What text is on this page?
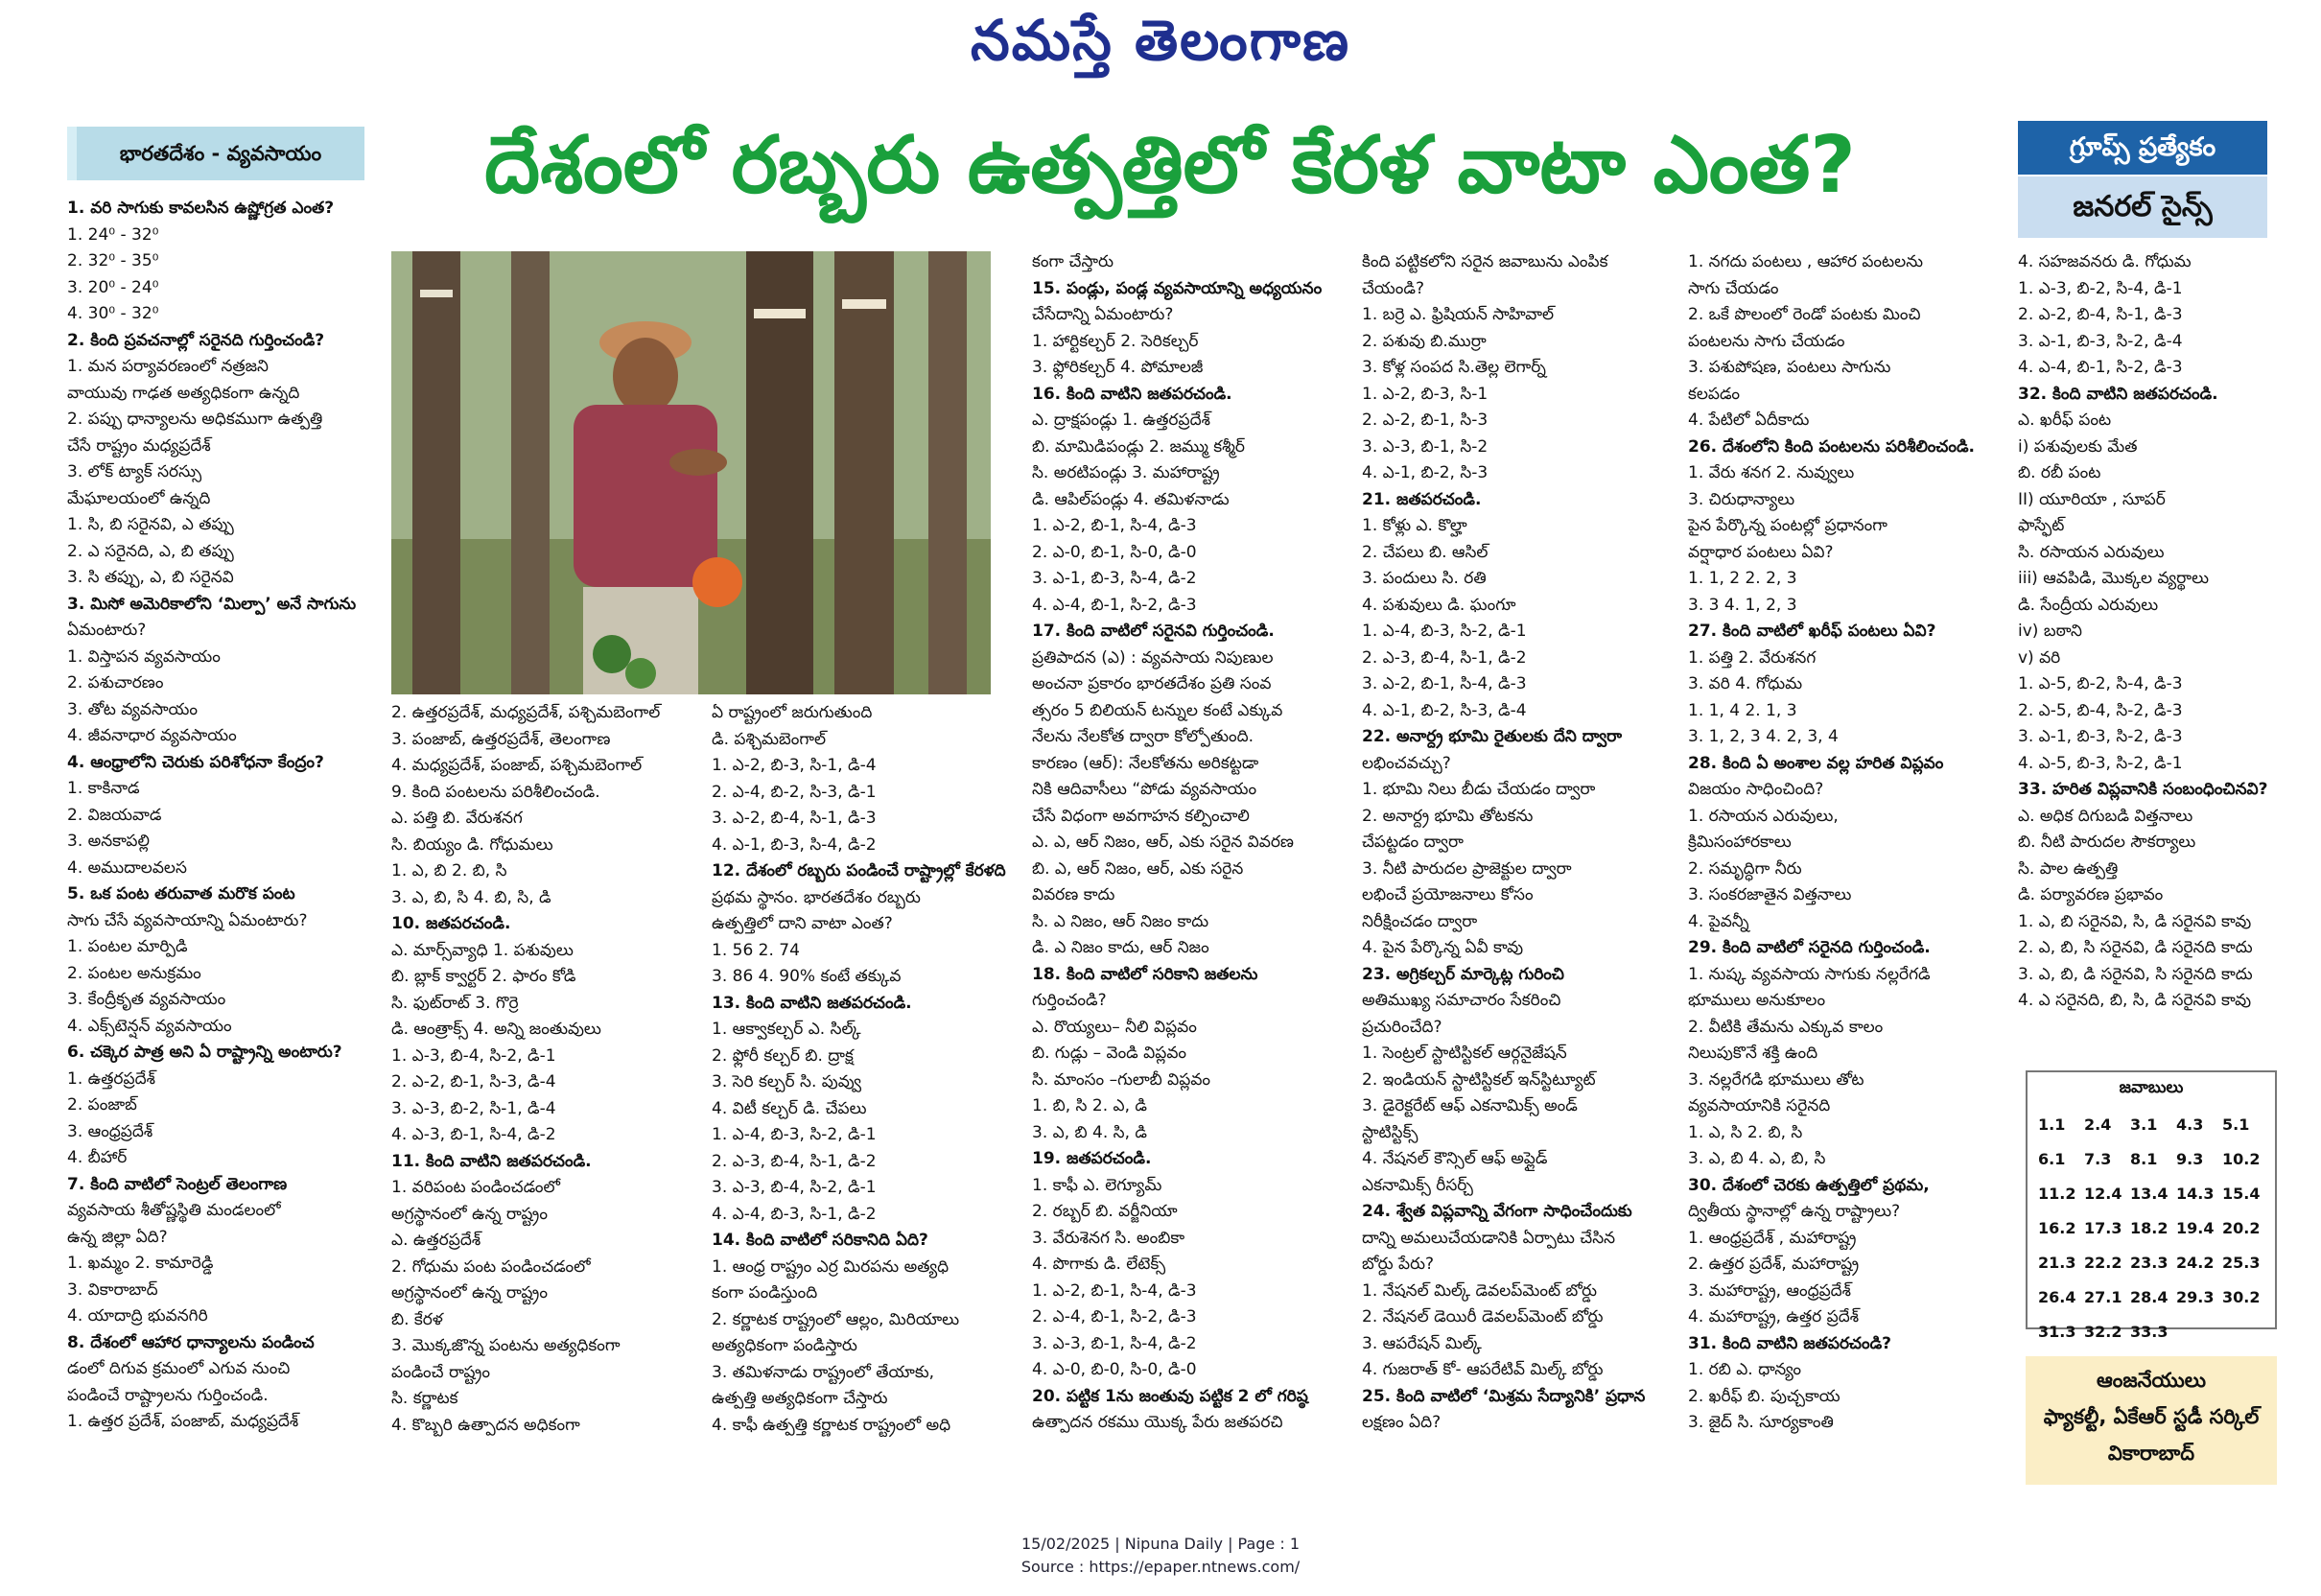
నమస్తే తెలంగాణ
భారతదేశం - వ్యవసాయం	దేశంలో రబ్బరు ఉత్పత్తిలో కేరళ వాటా ఎంత?	గ్రూప్స్ ప్రత్యేకం
జనరల్ సైన్స్

1. వరి సాగుకు కావలసిన ఉష్ణోగ్రత ఎంత?

1. 24⁰ - 32⁰

2. 32⁰ - 35⁰

3. 20⁰ - 24⁰

4. 30⁰ - 32⁰

2. కింది ప్రవచనాల్లో సరైనది గుర్తించండి?

1. మన పర్యావరణంలో నత్రజని

వాయువు గాఢత అత్యధికంగా ఉన్నది

2. పప్పు ధాన్యాలను అధికముగా ఉత్పత్తి

చేసే రాష్ట్రం మధ్యప్రదేశ్

3. లోక్ ట్యాక్ సరస్సు

మేఘాలయంలో ఉన్నది

1. సి, బి సరైనవి, ఎ తప్పు

2. ఎ సరైనది, ఎ, బి తప్పు

3. సి తప్పు, ఎ, బి సరైనవి

3. మిసో అమెరికాలోని ‘మిల్పా’ అనే సాగును

ఏమంటారు?

1. విస్తాపన వ్యవసాయం

2. పశుచారణం

3. తోట వ్యవసాయం

4. జీవనాధార వ్యవసాయం

4. ఆంధ్రాలోని చెరుకు పరిశోధనా కేంద్రం?

1. కాకినాడ

2. విజయవాడ

3. అనకాపల్లి

4. అముదాలవలస

5. ఒక పంట తరువాత మరొక పంట

సాగు చేసే వ్యవసాయాన్ని ఏమంటారు?

1. పంటల మార్పిడి

2. పంటల అనుక్రమం

3. కేంద్రీకృత వ్యవసాయం

4. ఎక్స్‌టెన్షన్ వ్యవసాయం

6. చక్కెర పాత్ర అని ఏ రాష్ట్రాన్ని అంటారు?

1. ఉత్తరప్రదేశ్

2. పంజాబ్

3. ఆంధ్రప్రదేశ్

4. బీహార్

7. కింది వాటిలో సెంట్రల్ తెలంగాణ

వ్యవసాయ శీతోష్ణస్థితి మండలంలో

ఉన్న జిల్లా ఏది?

1. ఖమ్మం 2. కామారెడ్డి

3. వికారాబాద్

4. యాదాద్రి భువనగిరి

8. దేశంలో ఆహార ధాన్యాలను పండించ

డంలో దిగువ క్రమంలో ఎగువ నుంచి

పండించే రాష్ట్రాలను గుర్తించండి.

1. ఉత్తర ప్రదేశ్, పంజాబ్, మధ్యప్రదేశ్

2. ఉత్తరప్రదేశ్, మధ్యప్రదేశ్, పశ్చిమబెంగాల్

3. పంజాబ్, ఉత్తరప్రదేశ్, తెలంగాణ

4. మధ్యప్రదేశ్, పంజాబ్, పశ్చిమబెంగాల్

9. కింది పంటలను పరిశీలించండి.

ఎ. పత్తి బి. వేరుశనగ

సి. బియ్యం డి. గోధుమలు

1. ఎ, బి 2. బి, సి

3. ఎ, బి, సి 4. బి, సి, డి

10. జతపరచండి.

ఎ. మార్స్‌వ్యాధి 1. పశువులు

బి. బ్లాక్ క్వార్టర్ 2. ఫారం కోడి

సి. ఫుట్‌రాట్ 3. గొర్రె

డి. ఆంత్రాక్స్ 4. అన్ని జంతువులు

1. ఎ-3, బి-4, సి-2, డి-1

2. ఎ-2, బి-1, సి-3, డి-4

3. ఎ-3, బి-2, సి-1, డి-4

4. ఎ-3, బి-1, సి-4, డి-2

11. కింది వాటిని జతపరచండి.

1. వరిపంట పండించడంలో

అగ్రస్థానంలో ఉన్న రాష్ట్రం

ఎ. ఉత్తరప్రదేశ్

2. గోధుమ పంట పండించడంలో

అగ్రస్థానంలో ఉన్న రాష్ట్రం

బి. కేరళ

3. మొక్కజొన్న పంటను అత్యధికంగా

పండించే రాష్ట్రం

సి. కర్ణాటక

4. కొబ్బరి ఉత్పాదన అధికంగా

ఏ రాష్ట్రంలో జరుగుతుంది

డి. పశ్చిమబెంగాల్

1. ఎ-2, బి-3, సి-1, డి-4

2. ఎ-4, బి-2, సి-3, డి-1

3. ఎ-2, బి-4, సి-1, డి-3

4. ఎ-1, బి-3, సి-4, డి-2

12. దేశంలో రబ్బరు పండించే రాష్ట్రాల్లో కేరళది

ప్రథమ స్థానం. భారతదేశం రబ్బరు

ఉత్పత్తిలో దాని వాటా ఎంత?

1. 56 2. 74

3. 86 4. 90% కంటే తక్కువ

13. కింది వాటిని జతపరచండి.

1. ఆక్వాకల్చర్ ఎ. సిల్క్

2. ఫ్లోరీ కల్చర్ బి. ద్రాక్ష

3. సెరి కల్చర్ సి. పువ్వు

4. విటీ కల్చర్ డి. చేపలు

1. ఎ-4, బి-3, సి-2, డి-1

2. ఎ-3, బి-4, సి-1, డి-2

3. ఎ-3, బి-4, సి-2, డి-1

4. ఎ-4, బి-3, సి-1, డి-2

14. కింది వాటిలో సరికానిది ఏది?

1. ఆంధ్ర రాష్ట్రం ఎర్ర మిరపను అత్యధి

కంగా పండిస్తుంది

2. కర్ణాటక రాష్ట్రంలో ఆల్లం, మిరియాలు

అత్యధికంగా పండిస్తారు

3. తమిళనాడు రాష్ట్రంలో తేయాకు,

ఉత్పత్తి అత్యధికంగా చేస్తారు

4. కాఫీ ఉత్పత్తి కర్ణాటక రాష్ట్రంలో అధి

కంగా చేస్తారు

15. పండ్లు, పండ్ల వ్యవసాయాన్ని అధ్యయనం

చేసేదాన్ని ఏమంటారు?

1. హార్టికల్చర్ 2. సెరికల్చర్

3. ఫ్లోరికల్చర్ 4. పోమాలజీ

16. కింది వాటిని జతపరచండి.

ఎ. ద్రాక్షపండ్లు 1. ఉత్తరప్రదేశ్

బి. మామిడిపండ్లు 2. జమ్ము కశ్మీర్

సి. అరటిపండ్లు 3. మహారాష్ట్ర

డి. ఆపిల్‌పండ్లు 4. తమిళనాడు

1. ఎ-2, బి-1, సి-4, డి-3

2. ఎ-0, బి-1, సి-0, డి-0

3. ఎ-1, బి-3, సి-4, డి-2

4. ఎ-4, బి-1, సి-2, డి-3

17. కింది వాటిలో సరైనవి గుర్తించండి.

ప్రతిపాదన (ఎ) : వ్యవసాయ నిపుణుల

అంచనా ప్రకారం భారతదేశం ప్రతి సంవ

త్సరం 5 బిలియన్ టన్నుల కంటే ఎక్కువ

నేలను నేలకోత ద్వారా కోల్పోతుంది.

కారణం (ఆర్): నేలకోతను అరికట్టడా

నికి ఆదివాసీలు “పోడు వ్యవసాయం

చేసే విధంగా అవగాహన కల్పించాలి

ఎ. ఎ, ఆర్ నిజం, ఆర్, ఎకు సరైన వివరణ

బి. ఎ, ఆర్ నిజం, ఆర్, ఎకు సరైన

వివరణ కాదు

సి. ఎ నిజం, ఆర్ నిజం కాదు

డి. ఎ నిజం కాదు, ఆర్ నిజం

18. కింది వాటిలో సరికాని జతలను

గుర్తించండి?

ఎ. రొయ్యలు– నీలి విప్లవం

బి. గుడ్లు – వెండి విప్లవం

సి. మాంసం –గులాబీ విప్లవం

1. బి, సి 2. ఎ, డి

3. ఎ, బి 4. సి, డి

19. జతపరచండి.

1. కాఫీ ఎ. లెగ్యూమ్

2. రబ్బర్ బి. వర్జీనియా

3. వేరుశెనగ సి. అంబికా

4. పొగాకు డి. లేటెక్స్

1. ఎ-2, బి-1, సి-4, డి-3

2. ఎ-4, బి-1, సి-2, డి-3

3. ఎ-3, బి-1, సి-4, డి-2

4. ఎ-0, బి-0, సి-0, డి-0

20. పట్టిక 1ను జంతువు పట్టిక 2 లో గరిష్ఠ

ఉత్పాదన రకము యొక్క పేరు జతపరచి

కింది పట్టికలోని సరైన జవాబును ఎంపిక

చేయండి?

1. బర్రె ఎ. ఫ్రిషియన్ సాహివాల్

2. పశువు బి.ముర్రా

3. కోళ్ల సంపద సి.తెల్ల లెగార్న్

1. ఎ-2, బి-3, సి-1

2. ఎ-2, బి-1, సి-3

3. ఎ-3, బి-1, సి-2

4. ఎ-1, బి-2, సి-3

21. జతపరచండి.

1. కోళ్లు ఎ. కొల్హా

2. చేపలు బి. ఆసిల్

3. పందులు సి. రతి

4. పశువులు డి. ఘంగూ

1. ఎ-4, బి-3, సి-2, డి-1

2. ఎ-3, బి-4, సి-1, డి-2

3. ఎ-2, బి-1, సి-4, డి-3

4. ఎ-1, బి-2, సి-3, డి-4

22. అనార్ద్ర భూమి రైతులకు దేని ద్వారా

లభించవచ్చు?

1. భూమి నిలు బీడు చేయడం ద్వారా

2. అనార్ద్ర భూమి తోటకను

చేపట్టడం ద్వారా

3. నీటి పారుదల ప్రాజెక్టుల ద్వారా

లభించే ప్రయోజనాలు కోసం

నిరీక్షించడం ద్వారా

4. పైన పేర్కొన్న ఏవీ కావు

23. అగ్రికల్చర్ మార్కెట్ల గురించి

అతిముఖ్య సమాచారం సేకరించి

ప్రచురించేది?

1. సెంట్రల్ స్టాటిస్టికల్ ఆర్గనైజేషన్

2. ఇండియన్ స్టాటిస్టికల్ ఇన్‌స్టిట్యూట్

3. డైరెక్టరేట్ ఆఫ్ ఎకనామిక్స్ అండ్

స్టాటిస్టిక్స్

4. నేషనల్ కౌన్సిల్ ఆఫ్ అప్లైడ్

ఎకనామిక్స్ రీసర్చ్

24. శ్వేత విప్లవాన్ని వేగంగా సాధించేందుకు

దాన్ని అమలుచేయడానికి ఏర్పాటు చేసిన

బోర్డు పేరు?

1. నేషనల్ మిల్క్ డెవలప్‌మెంట్ బోర్డు

2. నేషనల్ డెయిరీ డెవలప్‌మెంట్ బోర్డు

3. ఆపరేషన్ మిల్క్

4. గుజరాత్ కో- ఆపరేటివ్ మిల్క్ బోర్డు

25. కింది వాటిలో ‘మిశ్రమ సేద్యానికి’ ప్రధాన

లక్షణం ఏది?

1. నగదు పంటలు , ఆహార పంటలను

సాగు చేయడం

2. ఒకే పొలంలో రెండో పంటకు మించి

పంటలను సాగు చేయడం

3. పశుపోషణ, పంటలు సాగును

కలపడం

4. పేటిలో ఏదీకాదు

26. దేశంలోని కింది పంటలను పరిశీలించండి.

1. వేరు శనగ 2. నువ్వులు

3. చిరుధాన్యాలు

పైన పేర్కొన్న పంటల్లో ప్రధానంగా

వర్షాధార పంటలు ఏవి?

1. 1, 2 2. 2, 3

3. 3 4. 1, 2, 3

27. కింది వాటిలో ఖరీఫ్ పంటలు ఏవి?

1. పత్తి 2. వేరుశనగ

3. వరి 4. గోధుమ

1. 1, 4 2. 1, 3

3. 1, 2, 3 4. 2, 3, 4

28. కింది ఏ అంశాల వల్ల హరిత విప్లవం

విజయం సాధించింది?

1. రసాయన ఎరువులు,

క్రిమిసంహారకాలు

2. సమృద్ధిగా నీరు

3. సంకరజాతైన విత్తనాలు

4. పైవన్నీ

29. కింది వాటిలో సరైనది గుర్తించండి.

1. నుష్క వ్యవసాయ సాగుకు నల్లరేగడి

భూములు అనుకూలం

2. వీటికి తేమను ఎక్కువ కాలం

నిలుపుకొనే శక్తి ఉంది

3. నల్లరేగడి భూములు తోట

వ్యవసాయానికి సరైనది

1. ఎ, సి 2. బి, సి

3. ఎ, బి 4. ఎ, బి, సి

30. దేశంలో చెరకు ఉత్పత్తిలో ప్రథమ,

ద్వితీయ స్థానాల్లో ఉన్న రాష్ట్రాలు?

1. ఆంధ్రప్రదేశ్ , మహారాష్ట్ర

2. ఉత్తర ప్రదేశ్, మహారాష్ట్ర

3. మహారాష్ట్ర, ఆంధ్రప్రదేశ్

4. మహారాష్ట్ర, ఉత్తర ప్రదేశ్

31. కింది వాటిని జతపరచండి?

1. రబి ఎ. ధాన్యం

2. ఖరీఫ్ బి. పుచ్చకాయ

3. జైద్ సి. సూర్యకాంతి

4. సహజవనరు డి. గోధుమ

1. ఎ-3, బి-2, సి-4, డి-1

2. ఎ-2, బి-4, సి-1, డి-3

3. ఎ-1, బి-3, సి-2, డి-4

4. ఎ-4, బి-1, సి-2, డి-3

32. కింది వాటిని జతపరచండి.

ఎ. ఖరీఫ్ పంట

i) పశువులకు మేత

బి. రబీ పంట

II) యూరియా , సూపర్

ఫాస్ఫేట్

సి. రసాయన ఎరువులు

iii) ఆవపిడి, మొక్కల వ్యర్థాలు

డి. సేంద్రీయ ఎరువులు

iv) బఠాని

v) వరి

1. ఎ-5, బి-2, సి-4, డి-3

2. ఎ-5, బి-4, సి-2, డి-3

3. ఎ-1, బి-3, సి-2, డి-3

4. ఎ-5, బి-3, సి-2, డి-1

33. హరిత విప్లవానికి సంబంధించినవి?

ఎ. అధిక దిగుబడి విత్తనాలు

బి. నీటి పారుదల సౌకర్యాలు

సి. పాల ఉత్పత్తి

డి. పర్యావరణ ప్రభావం

1. ఎ, బి సరైనవి, సి, డి సరైనవి కావు

2. ఎ, బి, సి సరైనవి, డి సరైనది కాదు

3. ఎ, బి, డి సరైనవి, సి సరైనది కాదు

4. ఎ సరైనది, బి, సి, డి సరైనవి కావు

జవాబులు
1.1	2.4	3.1	4.3	5.1
6.1	7.3	8.1	9.3	10.2
11.2	12.4	13.4	14.3	15.4
16.2	17.3	18.2	19.4	20.2
21.3	22.2	23.3	24.2	25.3
26.4	27.1	28.4	29.3	30.2
31.3	32.2	33.3		
ఆంజనేయులు
ఫ్యాకల్టీ, ఏకేఆర్ స్టడీ సర్కిల్
వికారాబాద్
15/02/2025 | Nipuna Daily | Page : 1
Source : https://epaper.ntnews.com/
